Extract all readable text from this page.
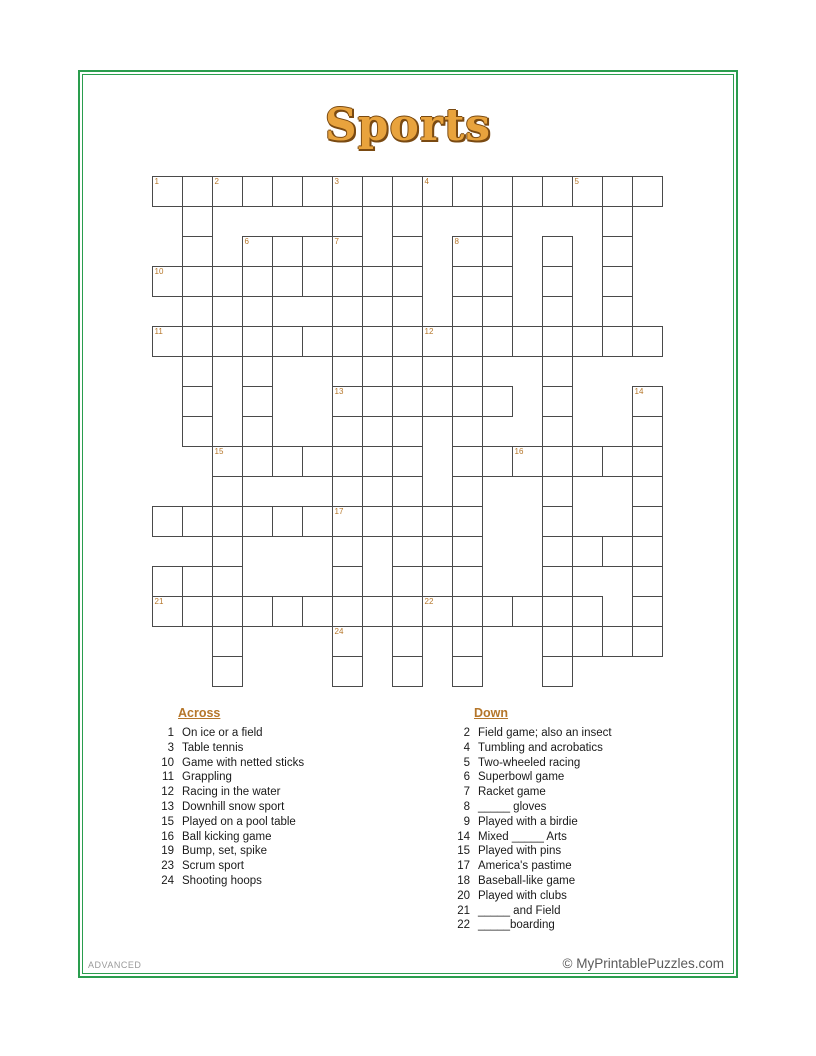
Sports
1		2				3			4					5		

			6			7				8						

10																

11									12							

						13										14

		15										16				

						17										

21									22							

						24										

Across
1 On ice or a field
3 Table tennis
10 Game with netted sticks
11 Grappling
12 Racing in the water
13 Downhill snow sport
15 Played on a pool table
16 Ball kicking game
19 Bump, set, spike
23 Scrum sport
24 Shooting hoops
Down
2 Field game; also an insect
4 Tumbling and acrobatics
5 Two-wheeled racing
6 Superbowl game
7 Racket game
8 _____ gloves
9 Played with a birdie
14 Mixed _____ Arts
15 Played with pins
17 America's pastime
18 Baseball-like game
20 Played with clubs
21 _____ and Field
22 _____boarding
ADVANCED	© MyPrintablePuzzles.com
